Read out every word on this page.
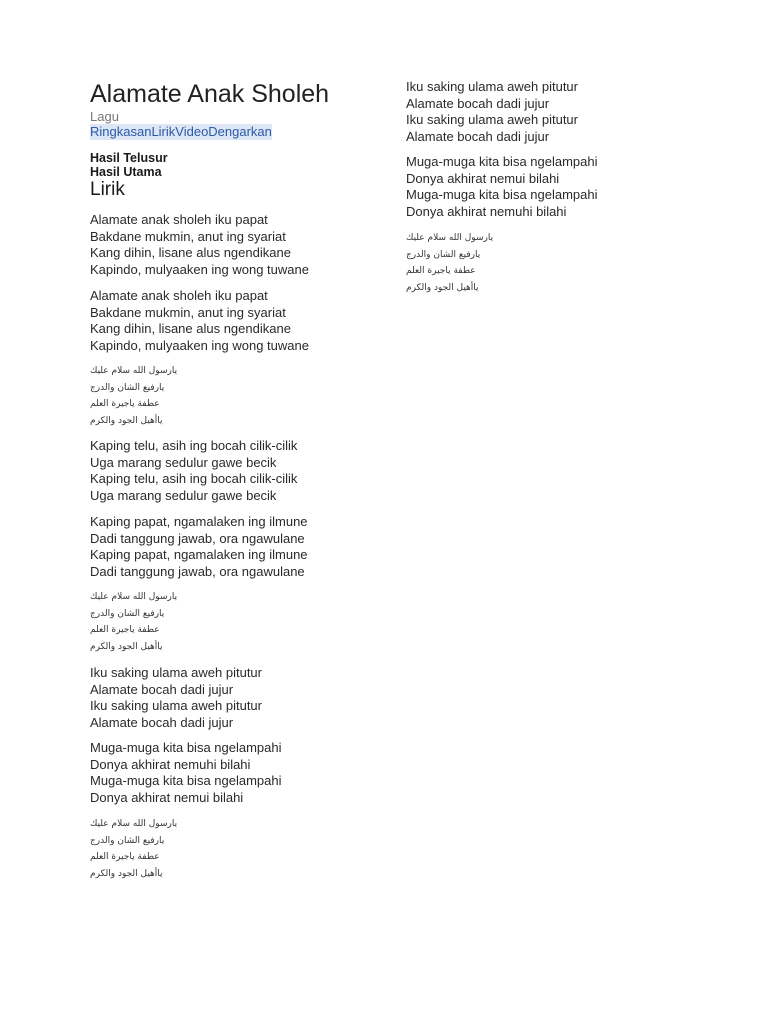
Alamate Anak Sholeh
Lagu
RingkasanLirikVideoDengarkan
Hasil Telusur
Hasil Utama
Lirik
Alamate anak sholeh iku papat
Bakdane mukmin, anut ing syariat
Kang dihin, lisane alus ngendikane
Kapindo, mulyaaken ing wong tuwane
Alamate anak sholeh iku papat
Bakdane mukmin, anut ing syariat
Kang dihin, lisane alus ngendikane
Kapindo, mulyaaken ing wong tuwane
يارسول الله سلام عليك
يارفيع الشان والدرج
عطفة ياجيرة العلم
ياأهيل الجود والكرم
Kaping telu, asih ing bocah cilik-cilik
Uga marang sedulur gawe becik
Kaping telu, asih ing bocah cilik-cilik
Uga marang sedulur gawe becik
Kaping papat, ngamalaken ing ilmune
Dadi tanggung jawab, ora ngawulane
Kaping papat, ngamalaken ing ilmune
Dadi tanggung jawab, ora ngawulane
يارسول الله سلام عليك
يارفيع الشان والدرج
عطفة ياجيرة العلم
ياأهيل الجود والكرم
Iku saking ulama aweh pitutur
Alamate bocah dadi jujur
Iku saking ulama aweh pitutur
Alamate bocah dadi jujur
Muga-muga kita bisa ngelampahi
Donya akhirat nemuhi bilahi
Muga-muga kita bisa ngelampahi
Donya akhirat nemui bilahi
يارسول الله سلام عليك
يارفيع الشان والدرج
عطفة ياجيرة العلم
ياأهيل الجود والكرم
Iku saking ulama aweh pitutur
Alamate bocah dadi jujur
Iku saking ulama aweh pitutur
Alamate bocah dadi jujur
Muga-muga kita bisa ngelampahi
Donya akhirat nemui bilahi
Muga-muga kita bisa ngelampahi
Donya akhirat nemuhi bilahi
يارسول الله سلام عليك
يارفيع الشان والدرج
عطفة ياجيرة العلم
ياأهيل الجود والكرم
